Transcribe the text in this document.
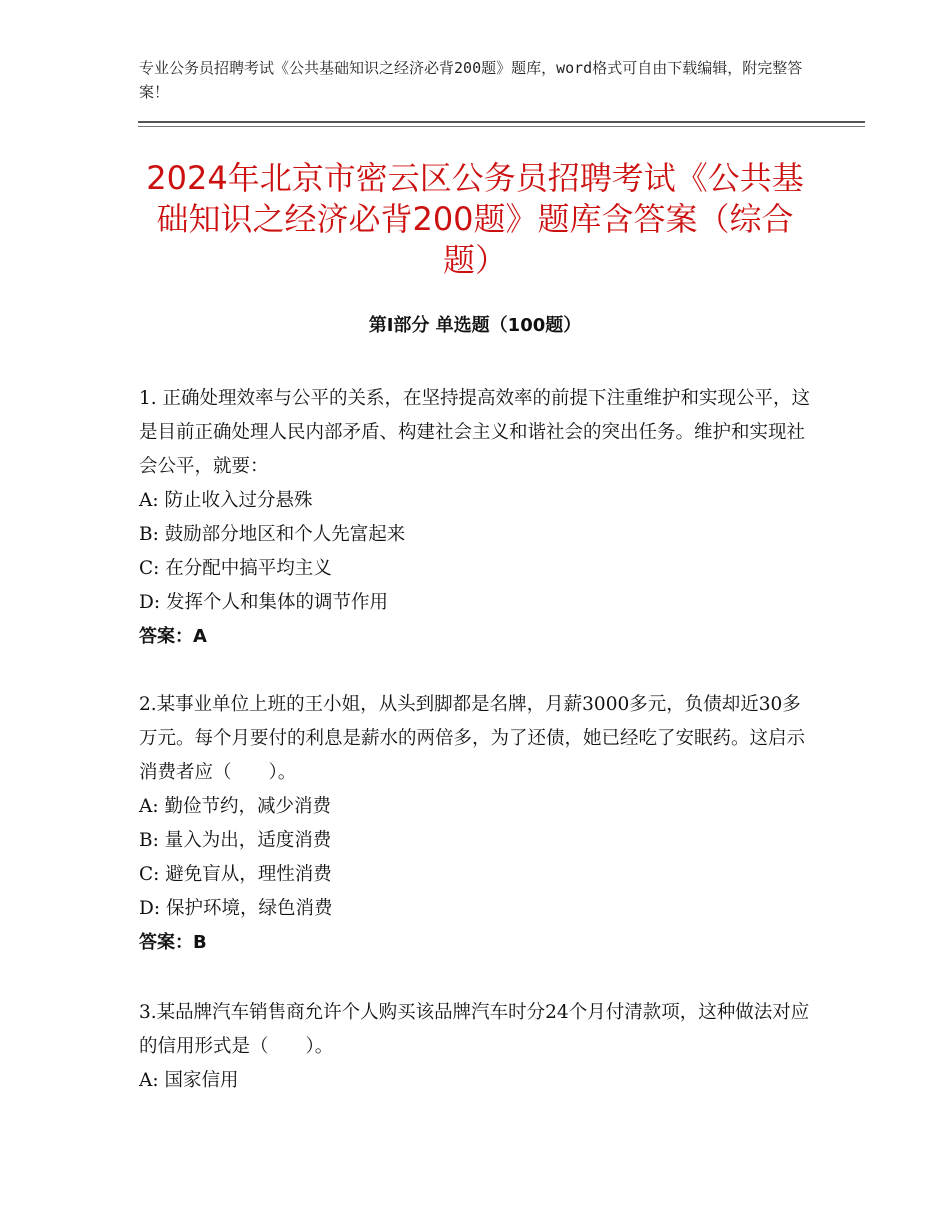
专业公务员招聘考试《公共基础知识之经济必背200题》题库，word格式可自由下载编辑，附完整答案！
2024年北京市密云区公务员招聘考试《公共基础知识之经济必背200题》题库含答案（综合题）
第Ⅰ部分 单选题（100题）

1. 正确处理效率与公平的关系，在坚持提高效率的前提下注重维护和实现公平，这是目前正确处理人民内部矛盾、构建社会主义和谐社会的突出任务。维护和实现社会公平，就要：

A: 防止收入过分悬殊

B: 鼓励部分地区和个人先富起来

C: 在分配中搞平均主义

D: 发挥个人和集体的调节作用

答案：A

2.某事业单位上班的王小姐，从头到脚都是名牌，月薪3000多元，负债却近30多万元。每个月要付的利息是薪水的两倍多，为了还债，她已经吃了安眠药。这启示消费者应（　　）。

A: 勤俭节约，减少消费

B: 量入为出，适度消费

C: 避免盲从，理性消费

D: 保护环境，绿色消费

答案：B

3.某品牌汽车销售商允许个人购买该品牌汽车时分24个月付清款项，这种做法对应的信用形式是（　　）。

A: 国家信用
